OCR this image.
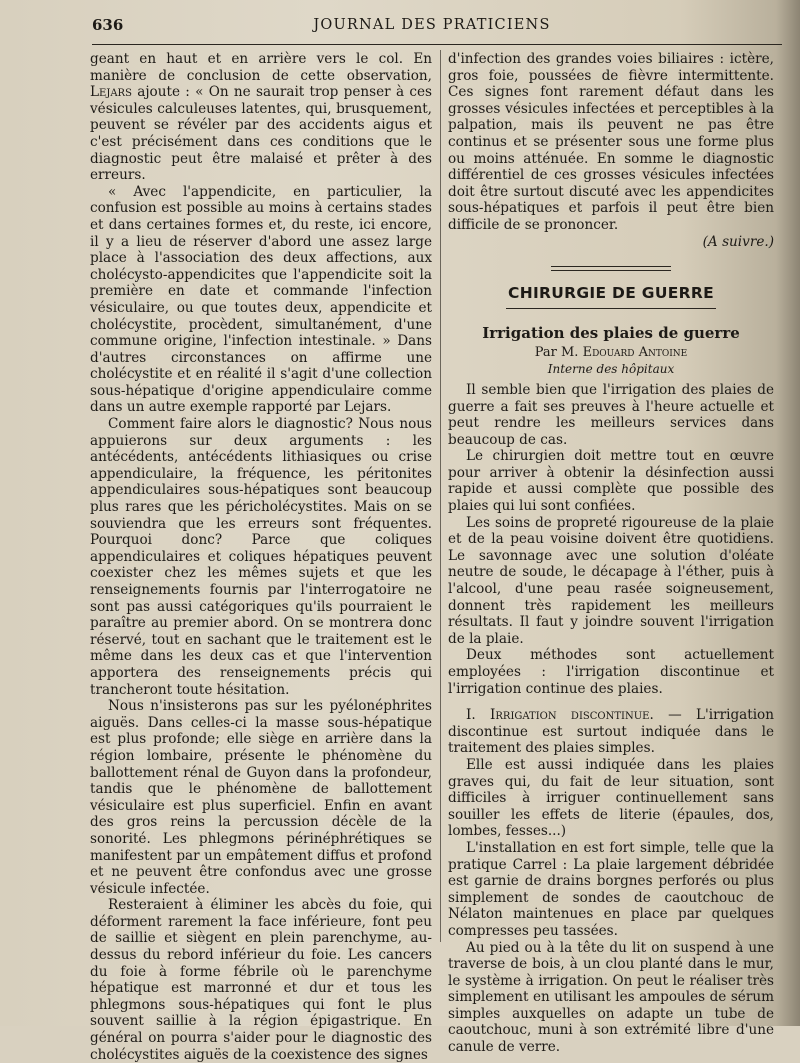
636	JOURNAL DES PRATICIENS

geant en haut et en arrière vers le col. En manière de conclusion de cette observation, Lejars ajoute : « On ne saurait trop penser à ces vésicules calculeuses latentes, qui, brusquement, peuvent se révéler par des accidents aigus et c'est précisément dans ces conditions que le diagnostic peut être malaisé et prêter à des erreurs.

« Avec l'appendicite, en particulier, la confusion est possible au moins à certains stades et dans certaines formes et, du reste, ici encore, il y a lieu de réserver d'abord une assez large place à l'association des deux affections, aux cholécysto-appendicites que l'appendicite soit la première en date et commande l'infection vésiculaire, ou que toutes deux, appendicite et cholécystite, procèdent, simultanément, d'une commune origine, l'infection intestinale. » Dans d'autres circonstances on affirme une cholécystite et en réalité il s'agit d'une collection sous-hépatique d'origine appendiculaire comme dans un autre exemple rapporté par Lejars.

Comment faire alors le diagnostic? Nous nous appuierons sur deux arguments : les antécédents, antécédents lithiasiques ou crise appendiculaire, la fréquence, les péritonites appendiculaires sous-hépatiques sont beaucoup plus rares que les péricholécystites. Mais on se souviendra que les erreurs sont fréquentes. Pourquoi donc? Parce que coliques appendiculaires et coliques hépatiques peuvent coexister chez les mêmes sujets et que les renseignements fournis par l'interrogatoire ne sont pas aussi catégoriques qu'ils pourraient le paraître au premier abord. On se montrera donc réservé, tout en sachant que le traitement est le même dans les deux cas et que l'intervention apportera des renseignements précis qui trancheront toute hésitation.

Nous n'insisterons pas sur les pyélonéphrites aiguës. Dans celles-ci la masse sous-hépatique est plus profonde; elle siège en arrière dans la région lombaire, présente le phénomène du ballottement rénal de Guyon dans la profondeur, tandis que le phénomène de ballottement vésiculaire est plus superficiel. Enfin en avant des gros reins la percussion décèle de la sonorité. Les phlegmons périnéphrétiques se manifestent par un empâtement diffus et profond et ne peuvent être confondus avec une grosse vésicule infectée.

Resteraient à éliminer les abcès du foie, qui déforment rarement la face inférieure, font peu de saillie et siègent en plein parenchyme, au-dessus du rebord inférieur du foie. Les cancers du foie à forme fébrile où le parenchyme hépatique est marronné et dur et tous les phlegmons sous-hépatiques qui font le plus souvent saillie à la région épigastrique. En général on pourra s'aider pour le diagnostic des cholécystites aiguës de la coexistence des signes

d'infection des grandes voies biliaires : ictère, gros foie, poussées de fièvre intermittente. Ces signes font rarement défaut dans les grosses vésicules infectées et perceptibles à la palpation, mais ils peuvent ne pas être continus et se présenter sous une forme plus ou moins atténuée. En somme le diagnostic différentiel de ces grosses vésicules infectées doit être surtout discuté avec les appendicites sous-hépatiques et parfois il peut être bien difficile de se prononcer.

(A suivre.)

CHIRURGIE DE GUERRE
Irrigation des plaies de guerre
Par M. Edouard Antoine
Interne des hôpitaux

Il semble bien que l'irrigation des plaies de guerre a fait ses preuves à l'heure actuelle et peut rendre les meilleurs services dans beaucoup de cas.

Le chirurgien doit mettre tout en œuvre pour arriver à obtenir la désinfection aussi rapide et aussi complète que possible des plaies qui lui sont confiées.

Les soins de propreté rigoureuse de la plaie et de la peau voisine doivent être quotidiens. Le savonnage avec une solution d'oléate neutre de soude, le décapage à l'éther, puis à l'alcool, d'une peau rasée soigneusement, donnent très rapidement les meilleurs résultats. Il faut y joindre souvent l'irrigation de la plaie.

Deux méthodes sont actuellement employées : l'irrigation discontinue et l'irrigation continue des plaies.

I. Irrigation discontinue. — L'irrigation discontinue est surtout indiquée dans le traitement des plaies simples.

Elle est aussi indiquée dans les plaies graves qui, du fait de leur situation, sont difficiles à irriguer continuellement sans souiller les effets de literie (épaules, dos, lombes, fesses...)

L'installation en est fort simple, telle que la pratique Carrel : La plaie largement débridée est garnie de drains borgnes perforés ou plus simplement de sondes de caoutchouc de Nélaton maintenues en place par quelques compresses peu tassées.

Au pied ou à la tête du lit on suspend à une traverse de bois, à un clou planté dans le mur, le système à irrigation. On peut le réaliser très simplement en utilisant les ampoules de sérum simples auxquelles on adapte un tube de caoutchouc, muni à son extrémité libre d'une canule de verre.
